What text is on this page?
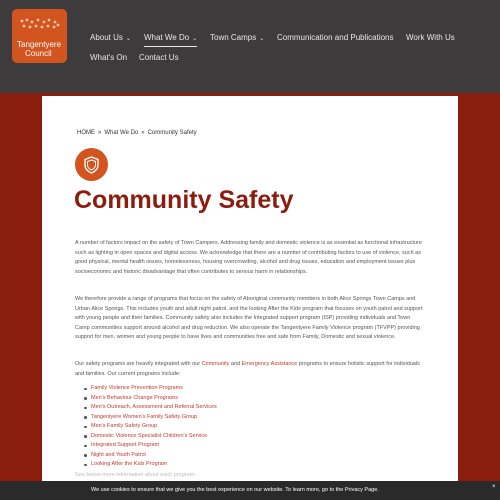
Tangentyere
Council
About Us ⌄ What We Do ⌄ Town Camps ⌄ Communication and Publications Work With Us
What's On Contact Us
HOME » What We Do » Community Safety
Community Safety

A number of factors impact on the safety of Town Campers. Addressing family and domestic violence is as essential as functional infrastructure such as lighting in open spaces and digital access. We acknowledge that there are a number of contributing factors to use of violence, such as good physical, mental health issues, homelessness, housing overcrowding, alcohol and drug issues, education and employment issues plus socioeconomic and historic disadvantage that often contributes to serious harm in relationships.

We therefore provide a range of programs that focus on the safety of Aboriginal community members in both Alice Springs Town Camps and Urban Alice Springs. This includes youth and adult night patrol, and the looking After the Kids program that focuses on youth patrol and support with young people and their families. Community safety also includes the Integrated support program (ISP) providing individuals and Town Camp communities support around alcohol and drug reduction. We also operate the Tangentyere Family Violence program (TFVPP) providing support for men, women and young people to have lives and communities free and safe from Family, Domestic and sexual violence.

Our safety programs are heavily integrated with our Community and Emergency Assistance programs to ensure holistic support for individuals and families. Our current programs include:

Family Violence Prevention Programs
Men's Behaviour Change Programs
Men's Outreach, Assessment and Referral Services
Tangentyere Women's Family Safety Group
Men's Family Safety Group
Domestic Violence Specialist Children's Service
Integrated Support Program
Night and Youth Patrol
Looking After the Kids Program
See below more information about each program:
We use cookies to ensure that we give you the best experience on our website. To learn more, go to the Privacy Page.	×
